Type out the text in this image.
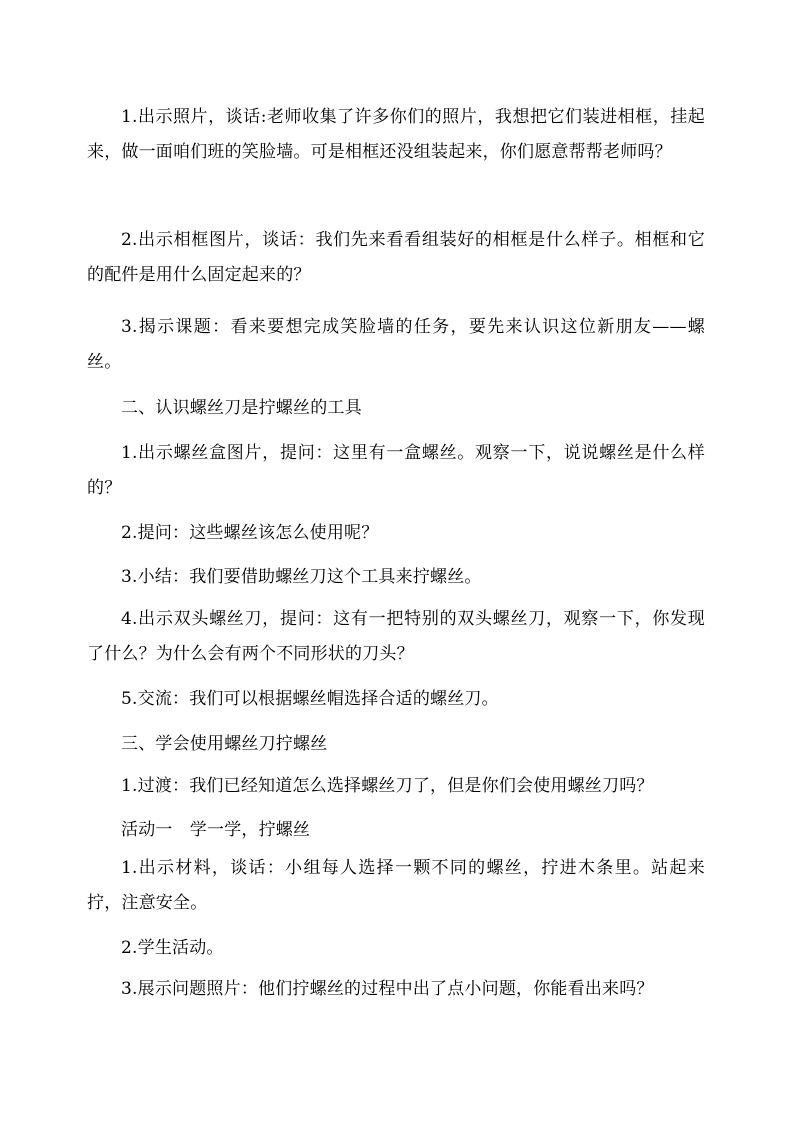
1.出示照片，谈话:老师收集了许多你们的照片，我想把它们装进相框，挂起来，做一面咱们班的笑脸墙。可是相框还没组装起来，你们愿意帮帮老师吗？

2.出示相框图片，谈话：我们先来看看组装好的相框是什么样子。相框和它的配件是用什么固定起来的？

3.揭示课题：看来要想完成笑脸墙的任务，要先来认识这位新朋友——螺丝。

二、认识螺丝刀是拧螺丝的工具

1.出示螺丝盒图片，提问：这里有一盒螺丝。观察一下，说说螺丝是什么样的？

2.提问：这些螺丝该怎么使用呢？

3.小结：我们要借助螺丝刀这个工具来拧螺丝。

4.出示双头螺丝刀，提问：这有一把特别的双头螺丝刀，观察一下，你发现了什么？为什么会有两个不同形状的刀头？

5.交流：我们可以根据螺丝帽选择合适的螺丝刀。

三、学会使用螺丝刀拧螺丝

1.过渡：我们已经知道怎么选择螺丝刀了，但是你们会使用螺丝刀吗？

活动一　学一学，拧螺丝

1.出示材料，谈话：小组每人选择一颗不同的螺丝，拧进木条里。站起来拧，注意安全。

2.学生活动。

3.展示问题照片：他们拧螺丝的过程中出了点小问题，你能看出来吗？
